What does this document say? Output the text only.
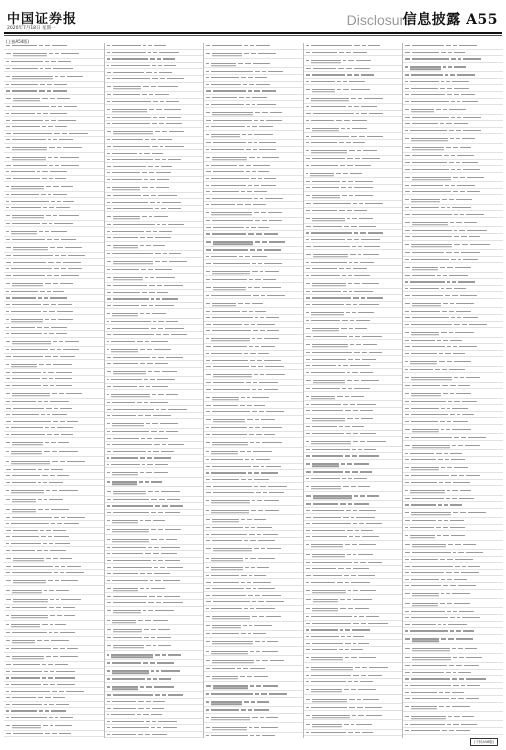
中国证券报
2020年7月18日 星期一
Disclosure
信息披露 A55
(上接A54版)
(下转A56版)
